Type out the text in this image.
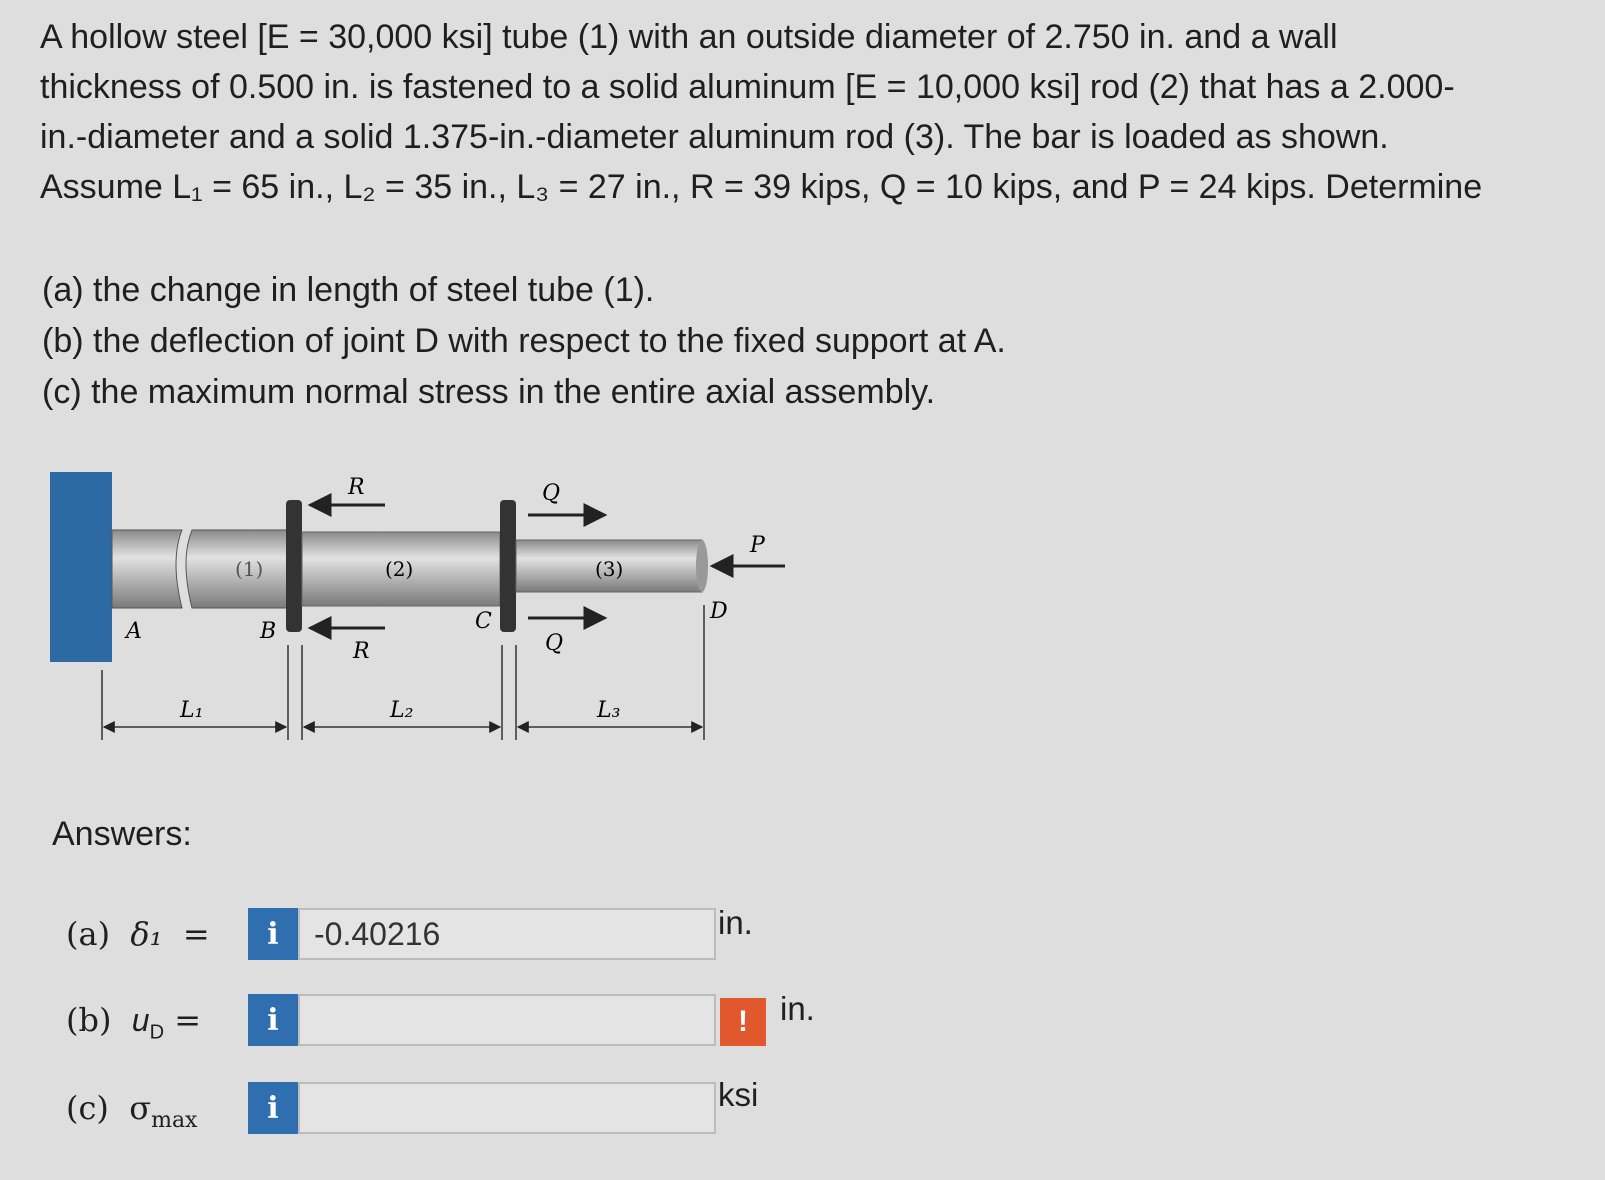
A hollow steel [E = 30,000 ksi] tube (1) with an outside diameter of 2.750 in. and a wall

thickness of 0.500 in. is fastened to a solid aluminum [E = 10,000 ksi] rod (2) that has a 2.000-

in.-diameter and a solid 1.375-in.-diameter aluminum rod (3). The bar is loaded as shown.

Assume L₁ = 65 in., L₂ = 35 in., L₃ = 27 in., R = 39 kips, Q = 10 kips, and P = 24 kips. Determine

(a) the change in length of steel tube (1).

(b) the deflection of joint D with respect to the fixed support at A.

(c) the maximum normal stress in the entire axial assembly.

R
R
Q
Q
P
(1)	(2)	(3)
A	B	C	D
L₁	L₂	L₃
Answers:
(a) δ₁ =	i
-0.40216	in.
(b) $u_D$ =	i	! in.
(c) $\sigma_{max}$	i	ksi
